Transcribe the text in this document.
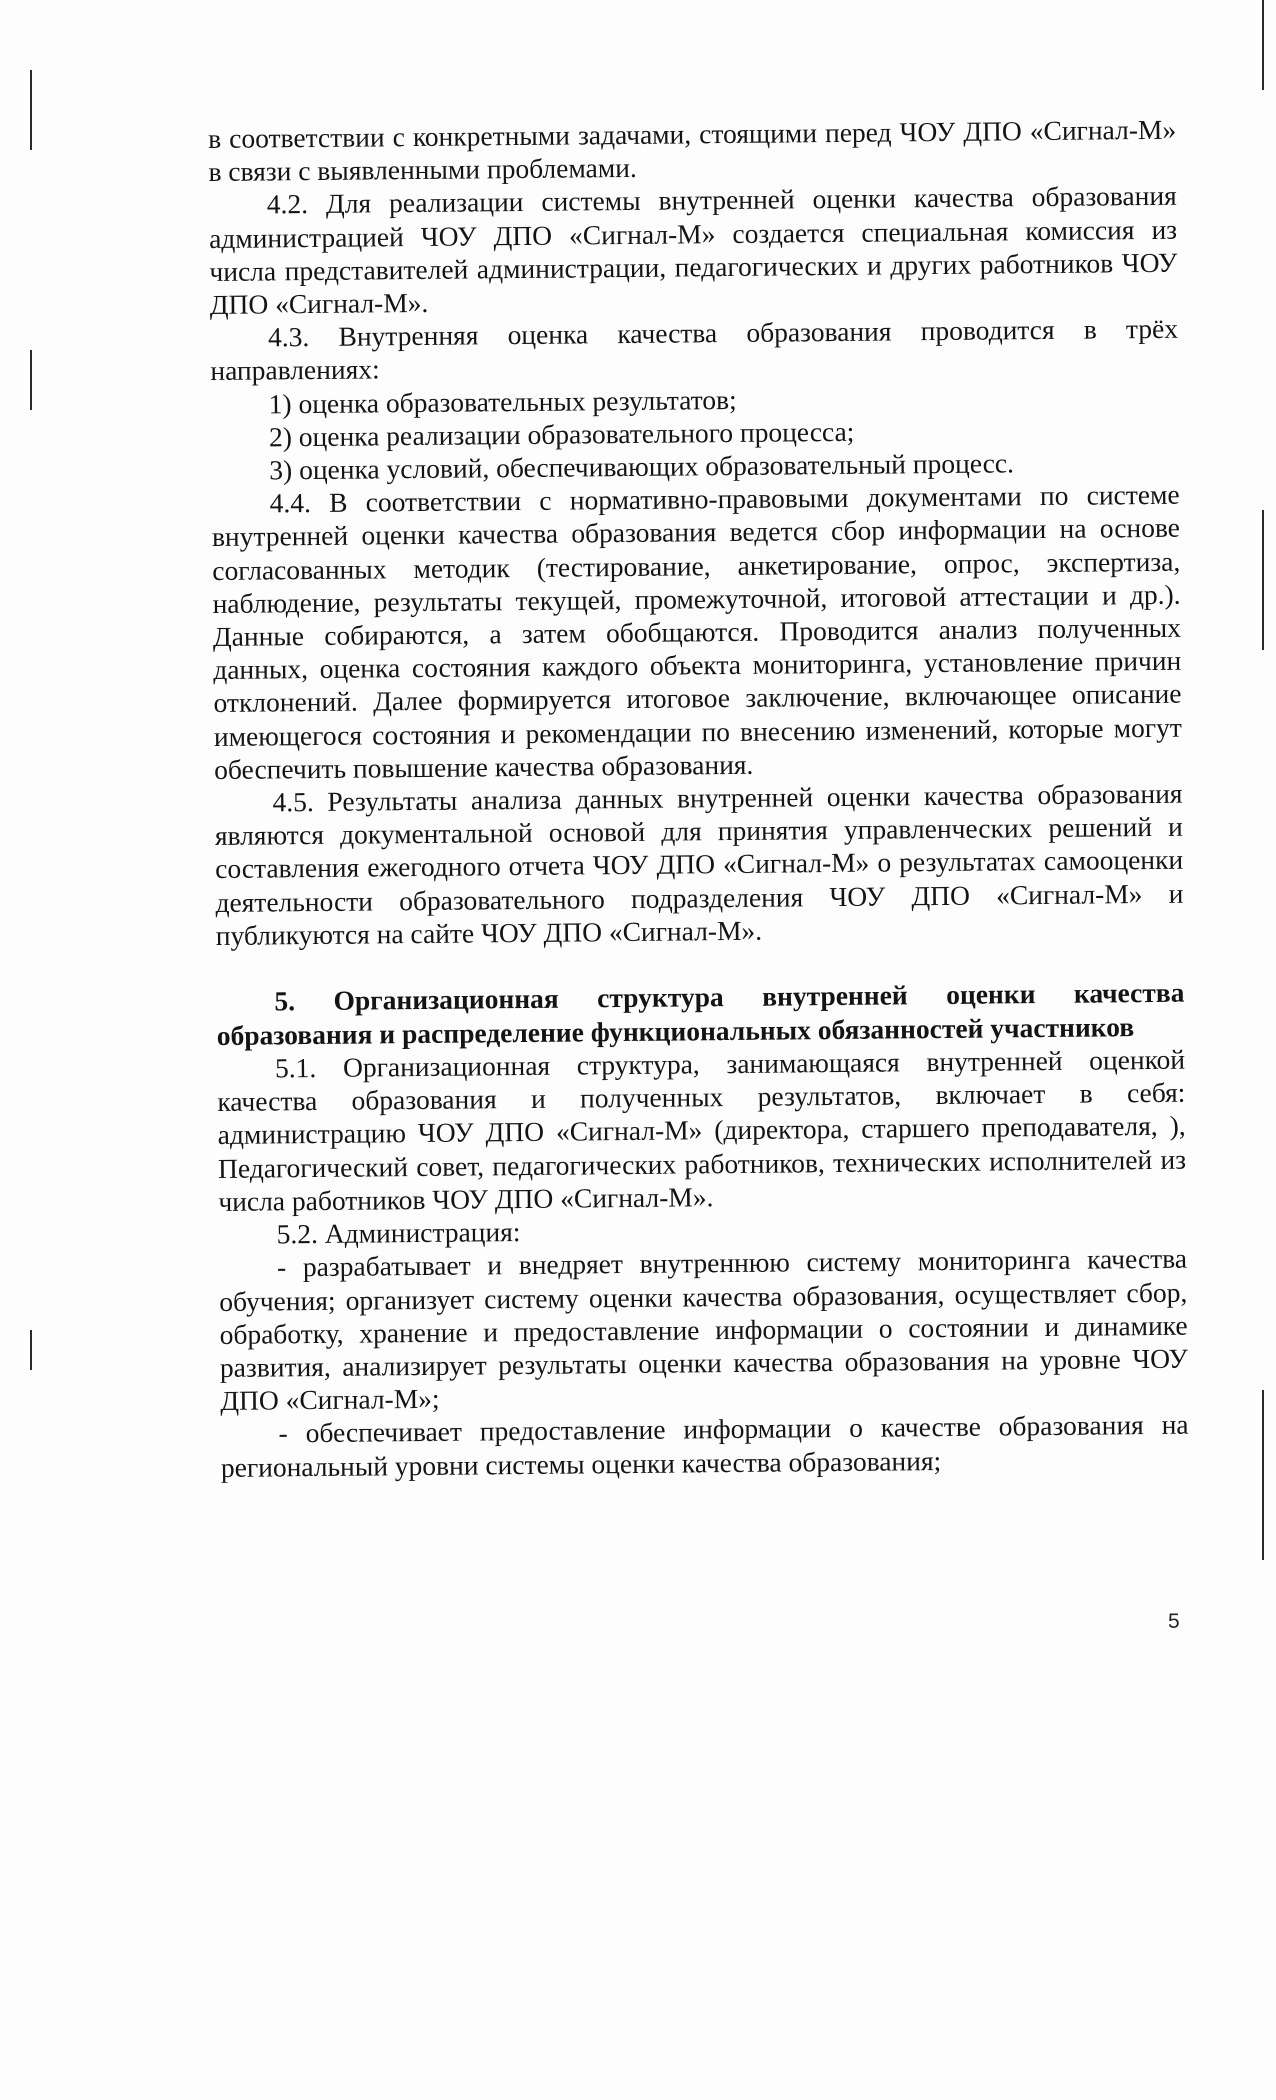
в соответствии с конкретными задачами, стоящими перед ЧОУ ДПО «Сигнал-М» в связи с выявленными проблемами.

4.2. Для реализации системы внутренней оценки качества образования администрацией ЧОУ ДПО «Сигнал-М» создается специальная комиссия из числа представителей администрации, педагогических и других работников ЧОУ ДПО «Сигнал-М».

4.3. Внутренняя оценка качества образования проводится в трёх направлениях:

1) оценка образовательных результатов;

2) оценка реализации образовательного процесса;

3) оценка условий, обеспечивающих образовательный процесс.

4.4. В соответствии с нормативно-правовыми документами по системе внутренней оценки качества образования ведется сбор информации на основе согласованных методик (тестирование, анкетирование, опрос, экспертиза, наблюдение, результаты текущей, промежуточной, итоговой аттестации и др.). Данные собираются, а затем обобщаются. Проводится анализ полученных данных, оценка состояния каждого объекта мониторинга, установление причин отклонений. Далее формируется итоговое заключение, включающее описание имеющегося состояния и рекомендации по внесению изменений, которые могут обеспечить повышение качества образования.

4.5. Результаты анализа данных внутренней оценки качества образования являются документальной основой для принятия управленческих решений и составления ежегодного отчета ЧОУ ДПО «Сигнал-М» о результатах самооценки деятельности образовательного подразделения ЧОУ ДПО «Сигнал-М» и публикуются на сайте ЧОУ ДПО «Сигнал-М».

5. Организационная структура внутренней оценки качества образования и распределение функциональных обязанностей участников

5.1. Организационная структура, занимающаяся внутренней оценкой качества образования и полученных результатов, включает в себя: администрацию ЧОУ ДПО «Сигнал-М» (директора, старшего преподавателя, ), Педагогический совет, педагогических работников, технических исполнителей из числа работников ЧОУ ДПО «Сигнал-М».

5.2. Администрация:

- разрабатывает и внедряет внутреннюю систему мониторинга качества обучения; организует систему оценки качества образования, осуществляет сбор, обработку, хранение и предоставление информации о состоянии и динамике развития, анализирует результаты оценки качества образования на уровне ЧОУ ДПО «Сигнал-М»;

- обеспечивает предоставление информации о качестве образования на региональный уровни системы оценки качества образования;

5
